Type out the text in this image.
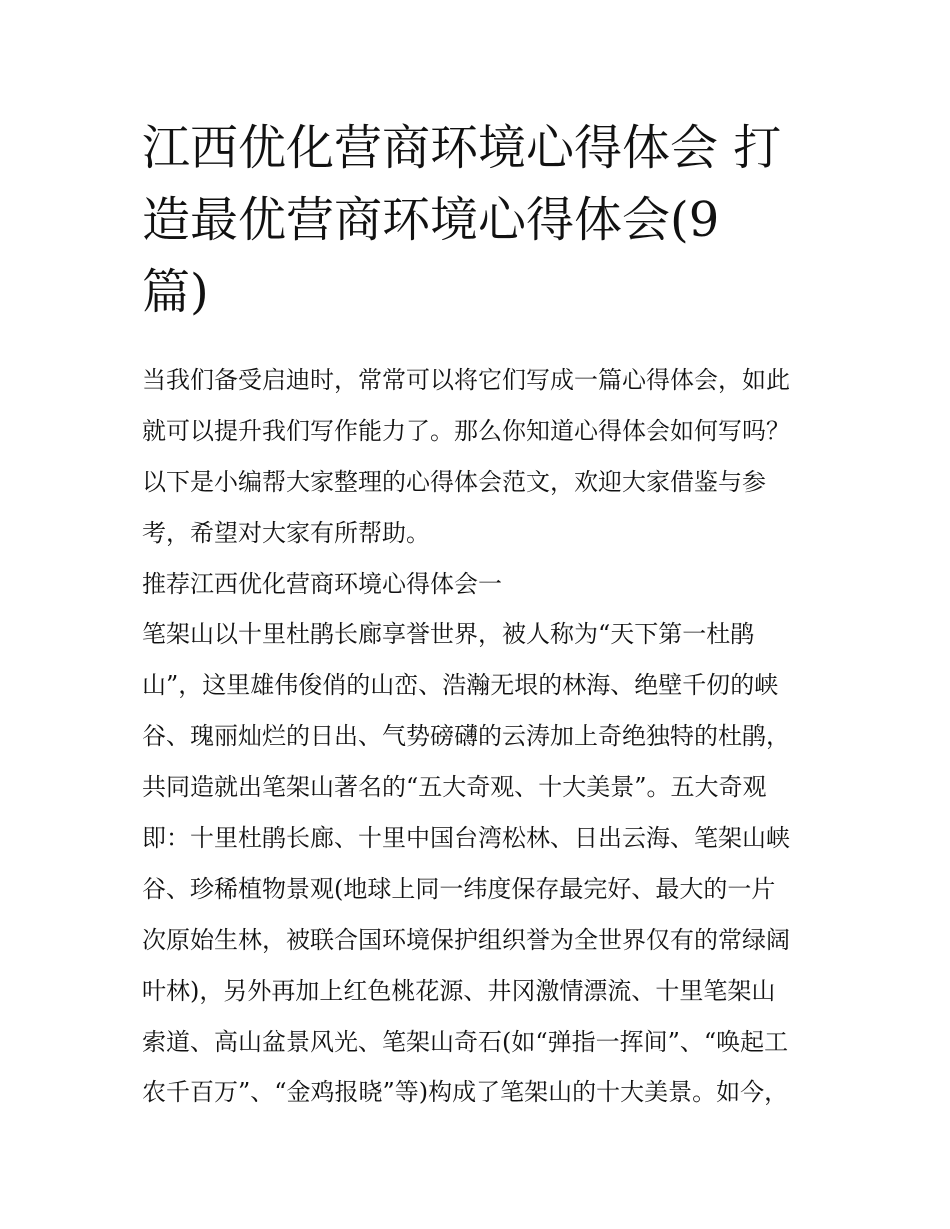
江西优化营商环境心得体会 打
造最优营商环境心得体会(9
篇)
当我们备受启迪时，常常可以将它们写成一篇心得体会，如此
就可以提升我们写作能力了。那么你知道心得体会如何写吗？
以下是小编帮大家整理的心得体会范文，欢迎大家借鉴与参
考，希望对大家有所帮助。
推荐江西优化营商环境心得体会一
笔架山以十里杜鹃长廊享誉世界，被人称为“天下第一杜鹃
山”，这里雄伟俊俏的山峦、浩瀚无垠的林海、绝壁千仞的峡
谷、瑰丽灿烂的日出、气势磅礴的云涛加上奇绝独特的杜鹃，
共同造就出笔架山著名的“五大奇观、十大美景”。五大奇观
即：十里杜鹃长廊、十里中国台湾松林、日出云海、笔架山峡
谷、珍稀植物景观(地球上同一纬度保存最完好、最大的一片
次原始生林，被联合国环境保护组织誉为全世界仅有的常绿阔
叶林)，另外再加上红色桃花源、井冈激情漂流、十里笔架山
索道、高山盆景风光、笔架山奇石(如“弹指一挥间”、“唤起工
农千百万”、“金鸡报晓”等)构成了笔架山的十大美景。如今，
